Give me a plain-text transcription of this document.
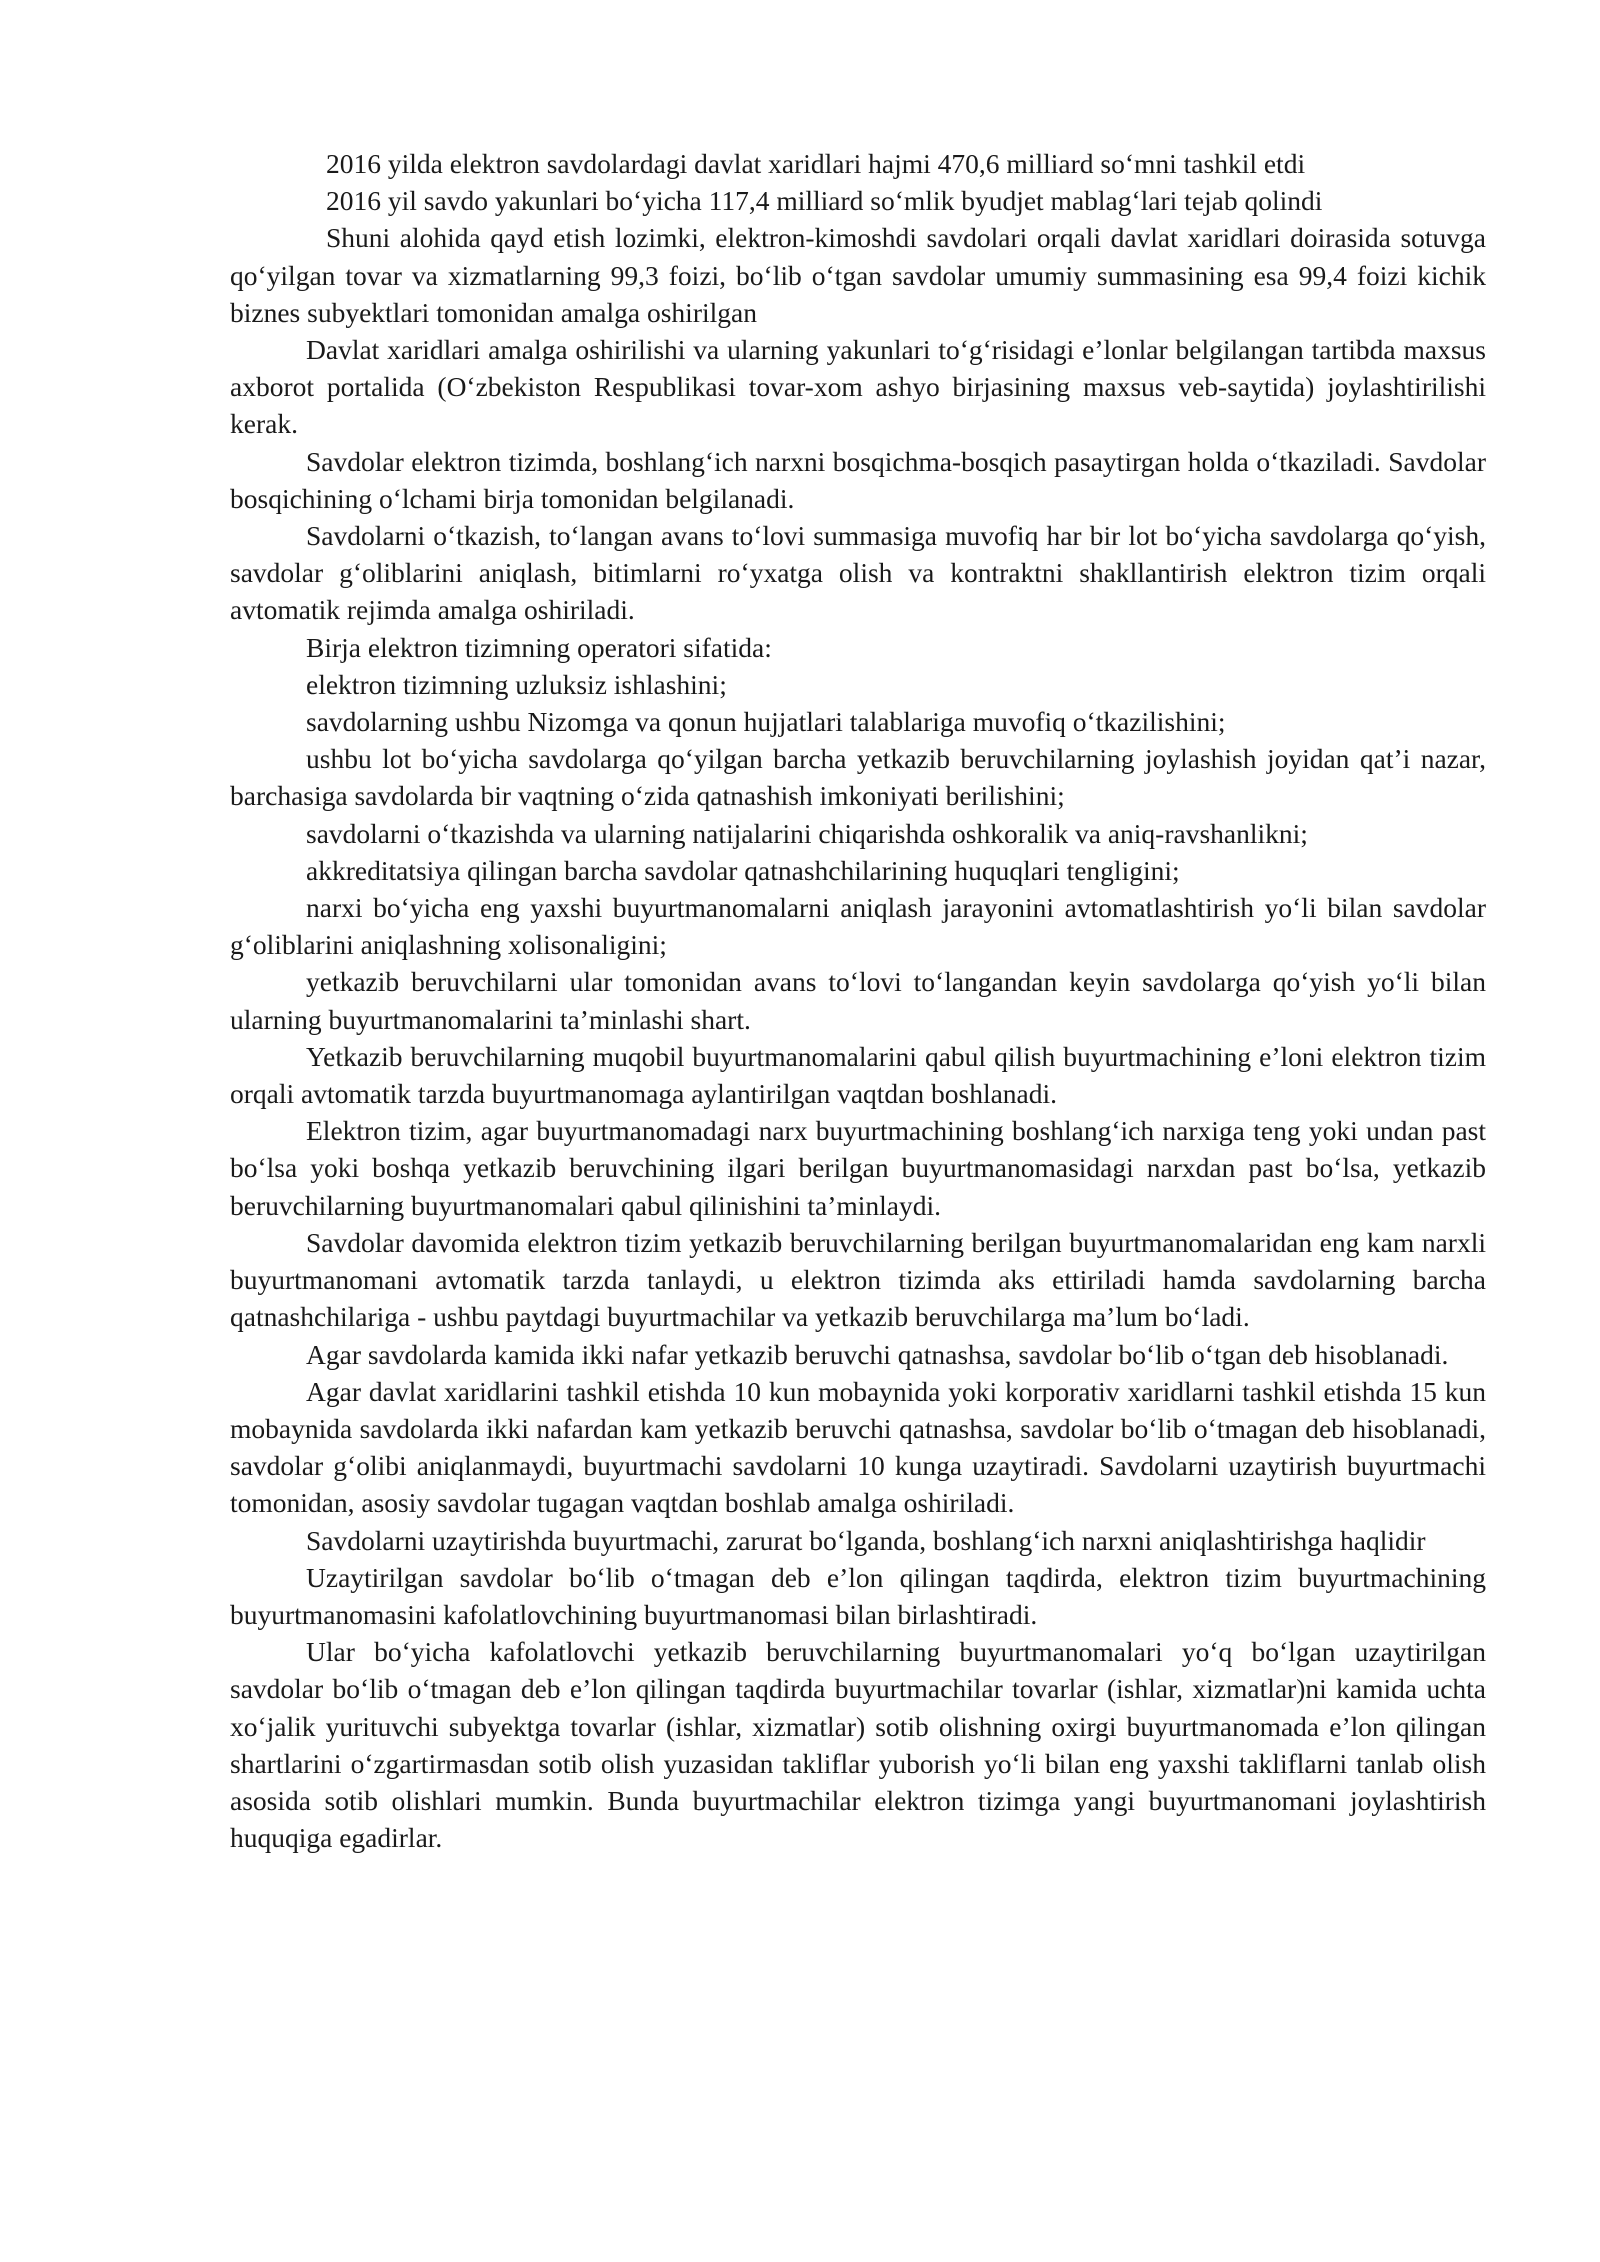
2016 yilda elektron savdolardagi davlat xaridlari hajmi 470,6 milliard so‘mni tashkil etdi

2016 yil savdo yakunlari bo‘yicha 117,4 milliard so‘mlik byudjet mablag‘lari tejab qolindi

Shuni alohida qayd etish lozimki, elektron-kimoshdi savdolari orqali davlat xaridlari doirasida sotuvga qo‘yilgan tovar va xizmatlarning 99,3 foizi, bo‘lib o‘tgan savdolar umumiy summasining esa 99,4 foizi kichik biznes subyektlari tomonidan amalga oshirilgan

Davlat xaridlari amalga oshirilishi va ularning yakunlari to‘g‘risidagi e’lonlar belgilangan tartibda maxsus axborot portalida (O‘zbekiston Respublikasi tovar-xom ashyo birjasining maxsus veb-saytida) joylashtirilishi kerak.

Savdolar elektron tizimda, boshlang‘ich narxni bosqichma-bosqich pasaytirgan holda o‘tkaziladi. Savdolar bosqichining o‘lchami birja tomonidan belgilanadi.

Savdolarni o‘tkazish, to‘langan avans to‘lovi summasiga muvofiq har bir lot bo‘yicha savdolarga qo‘yish, savdolar g‘oliblarini aniqlash, bitimlarni ro‘yxatga olish va kontraktni shakllantirish elektron tizim orqali avtomatik rejimda amalga oshiriladi.

Birja elektron tizimning operatori sifatida:

elektron tizimning uzluksiz ishlashini;

savdolarning ushbu Nizomga va qonun hujjatlari talablariga muvofiq o‘tkazilishini;

ushbu lot bo‘yicha savdolarga qo‘yilgan barcha yetkazib beruvchilarning joylashish joyidan qat’i nazar, barchasiga savdolarda bir vaqtning o‘zida qatnashish imkoniyati berilishini;

savdolarni o‘tkazishda va ularning natijalarini chiqarishda oshkoralik va aniq-ravshanlikni;

akkreditatsiya qilingan barcha savdolar qatnashchilarining huquqlari tengligini;

narxi bo‘yicha eng yaxshi buyurtmanomalarni aniqlash jarayonini avtomatlashtirish yo‘li bilan savdolar g‘oliblarini aniqlashning xolisonaligini;

yetkazib beruvchilarni ular tomonidan avans to‘lovi to‘langandan keyin savdolarga qo‘yish yo‘li bilan ularning buyurtmanomalarini ta’minlashi shart.

Yetkazib beruvchilarning muqobil buyurtmanomalarini qabul qilish buyurtmachining e’loni elektron tizim orqali avtomatik tarzda buyurtmanomaga aylantirilgan vaqtdan boshlanadi.

Elektron tizim, agar buyurtmanomadagi narx buyurtmachining boshlang‘ich narxiga teng yoki undan past bo‘lsa yoki boshqa yetkazib beruvchining ilgari berilgan buyurtmanomasidagi narxdan past bo‘lsa, yetkazib beruvchilarning buyurtmanomalari qabul qilinishini ta’minlaydi.

Savdolar davomida elektron tizim yetkazib beruvchilarning berilgan buyurtmanomalaridan eng kam narxli buyurtmanomani avtomatik tarzda tanlaydi, u elektron tizimda aks ettiriladi hamda savdolarning barcha qatnashchilariga - ushbu paytdagi buyurtmachilar va yetkazib beruvchilarga ma’lum bo‘ladi.

Agar savdolarda kamida ikki nafar yetkazib beruvchi qatnashsa, savdolar bo‘lib o‘tgan deb hisoblanadi.

Agar davlat xaridlarini tashkil etishda 10 kun mobaynida yoki korporativ xaridlarni tashkil etishda 15 kun mobaynida savdolarda ikki nafardan kam yetkazib beruvchi qatnashsa, savdolar bo‘lib o‘tmagan deb hisoblanadi, savdolar g‘olibi aniqlanmaydi, buyurtmachi savdolarni 10 kunga uzaytiradi. Savdolarni uzaytirish buyurtmachi tomonidan, asosiy savdolar tugagan vaqtdan boshlab amalga oshiriladi.

Savdolarni uzaytirishda buyurtmachi, zarurat bo‘lganda, boshlang‘ich narxni aniqlashtirishga haqlidir

Uzaytirilgan savdolar bo‘lib o‘tmagan deb e’lon qilingan taqdirda, elektron tizim buyurtmachining buyurtmanomasini kafolatlovchining buyurtmanomasi bilan birlashtiradi.

Ular bo‘yicha kafolatlovchi yetkazib beruvchilarning buyurtmanomalari yo‘q bo‘lgan uzaytirilgan savdolar bo‘lib o‘tmagan deb e’lon qilingan taqdirda buyurtmachilar tovarlar (ishlar, xizmatlar)ni kamida uchta xo‘jalik yurituvchi subyektga tovarlar (ishlar, xizmatlar) sotib olishning oxirgi buyurtmanomada e’lon qilingan shartlarini o‘zgartirmasdan sotib olish yuzasidan takliflar yuborish yo‘li bilan eng yaxshi takliflarni tanlab olish asosida sotib olishlari mumkin. Bunda buyurtmachilar elektron tizimga yangi buyurtmanomani joylashtirish huquqiga egadirlar.
